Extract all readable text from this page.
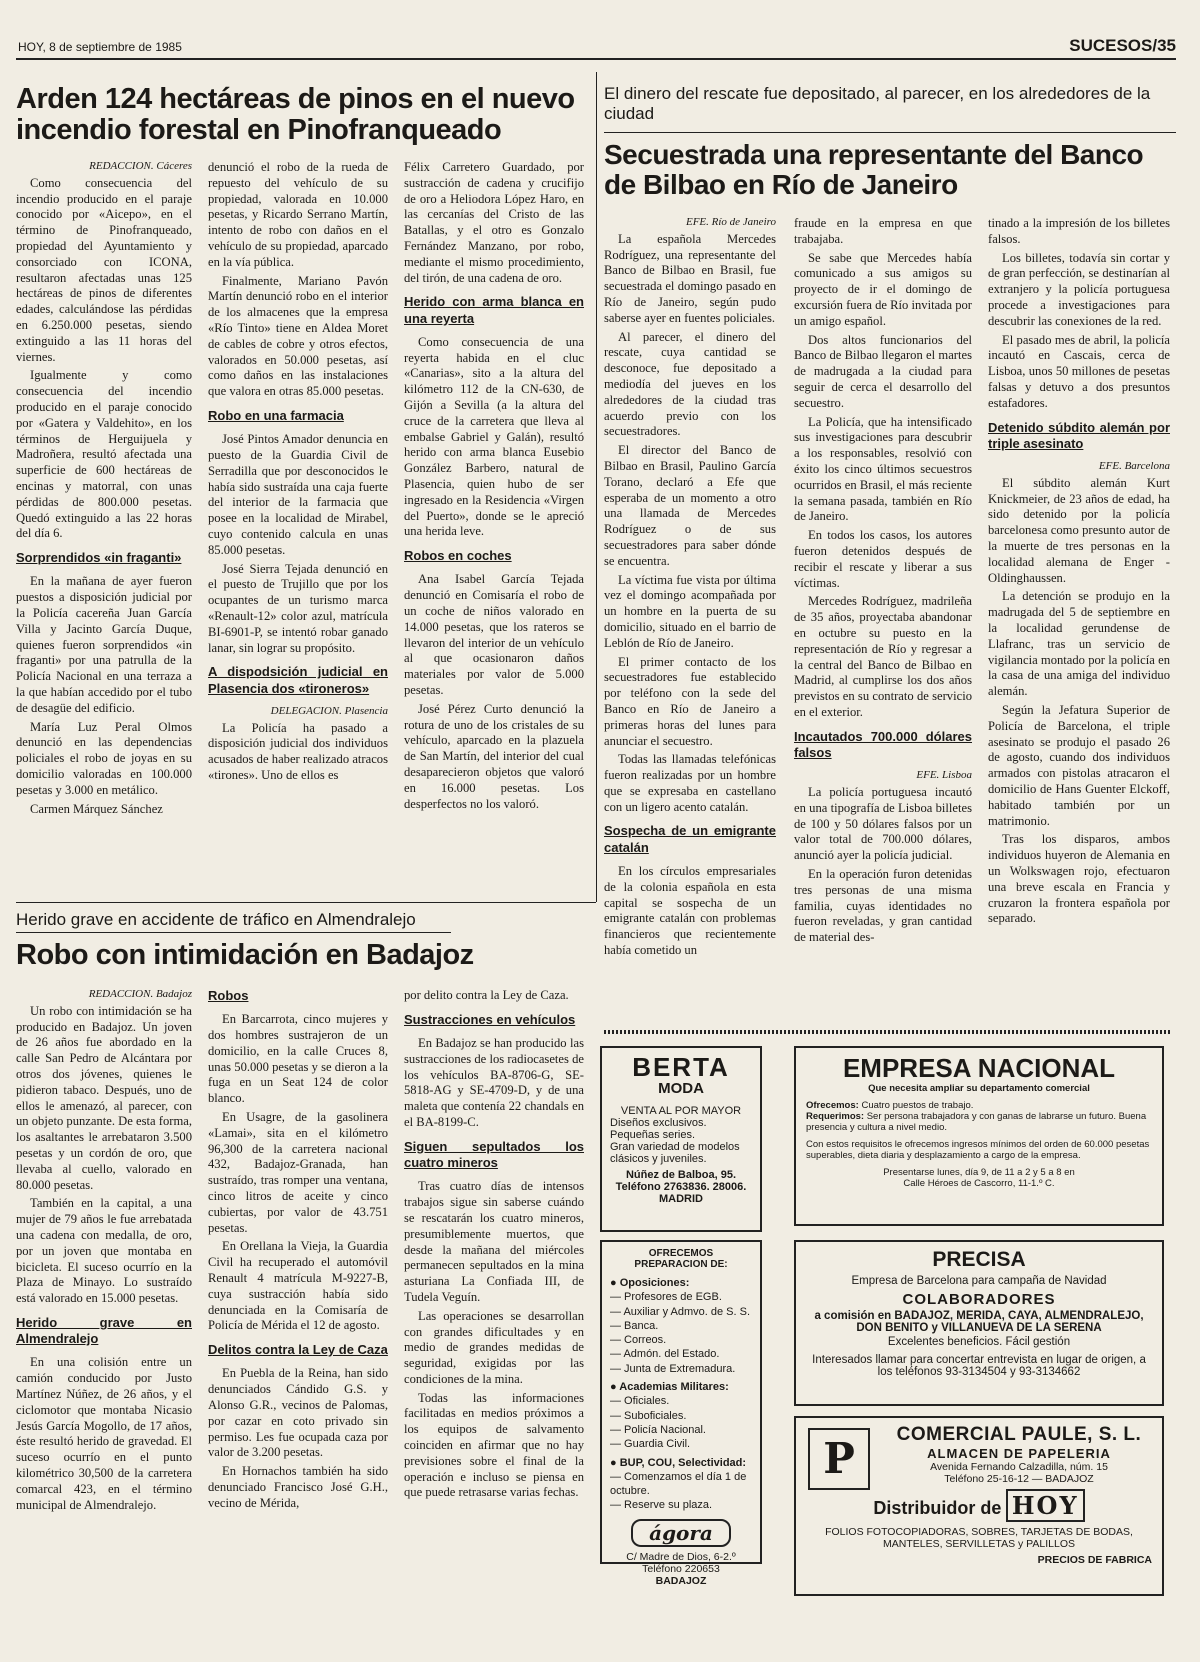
HOY, 8 de septiembre de 1985	SUCESOS/35
Arden 124 hectáreas de pinos en el nuevo incendio forestal en Pinofranqueado

REDACCION. Cáceres

Como consecuencia del incendio producido en el paraje conocido por «Aicepo», en el término de Pinofranqueado, propiedad del Ayuntamiento y consorciado con ICONA, resultaron afectadas unas 125 hectáreas de pinos de diferentes edades, calculándose las pérdidas en 6.250.000 pesetas, siendo extinguido a las 11 horas del viernes.

Igualmente y como consecuencia del incendio producido en el paraje conocido por «Gatera y Valdehito», en los términos de Herguijuela y Madroñera, resultó afectada una superficie de 600 hectáreas de encinas y matorral, con unas pérdidas de 800.000 pesetas. Quedó extinguido a las 22 horas del día 6.

Sorprendidos «in fraganti»

En la mañana de ayer fueron puestos a disposición judicial por la Policía cacereña Juan García Villa y Jacinto García Duque, quienes fueron sorprendidos «in fraganti» por una patrulla de la Policía Nacional en una terraza a la que habían accedido por el tubo de desagüe del edificio.

María Luz Peral Olmos denunció en las dependencias policiales el robo de joyas en su domicilio valoradas en 100.000 pesetas y 3.000 en metálico.

Carmen Márquez Sánchez

denunció el robo de la rueda de repuesto del vehículo de su propiedad, valorada en 10.000 pesetas, y Ricardo Serrano Martín, intento de robo con daños en el vehículo de su propiedad, aparcado en la vía pública.

Finalmente, Mariano Pavón Martín denunció robo en el interior de los almacenes que la empresa «Río Tinto» tiene en Aldea Moret de cables de cobre y otros efectos, valorados en 50.000 pesetas, así como daños en las instalaciones que valora en otras 85.000 pesetas.

Robo en una farmacia

José Pintos Amador denuncia en puesto de la Guardia Civil de Serradilla que por desconocidos le había sido sustraída una caja fuerte del interior de la farmacia que posee en la localidad de Mirabel, cuyo contenido calcula en unas 85.000 pesetas.

José Sierra Tejada denunció en el puesto de Trujillo que por los ocupantes de un turismo marca «Renault-12» color azul, matrícula BI-6901-P, se intentó robar ganado lanar, sin lograr su propósito.

A dispodsición judicial en Plasencia dos «tironeros»

DELEGACION. Plasencia

La Policía ha pasado a disposición judicial dos individuos acusados de haber realizado atracos «tirones». Uno de ellos es

Félix Carretero Guardado, por sustracción de cadena y crucifijo de oro a Heliodora López Haro, en las cercanías del Cristo de las Batallas, y el otro es Gonzalo Fernández Manzano, por robo, mediante el mismo procedimiento, del tirón, de una cadena de oro.

Herido con arma blanca en una reyerta

Como consecuencia de una reyerta habida en el cluc «Canarias», sito a la altura del kilómetro 112 de la CN-630, de Gijón a Sevilla (a la altura del cruce de la carretera que lleva al embalse Gabriel y Galán), resultó herido con arma blanca Eusebio González Barbero, natural de Plasencia, quien hubo de ser ingresado en la Residencia «Virgen del Puerto», donde se le apreció una herida leve.

Robos en coches

Ana Isabel García Tejada denunció en Comisaría el robo de un coche de niños valorado en 14.000 pesetas, que los rateros se llevaron del interior de un vehículo al que ocasionaron daños materiales por valor de 5.000 pesetas.

José Pérez Curto denunció la rotura de uno de los cristales de su vehículo, aparcado en la plazuela de San Martín, del interior del cual desaparecieron objetos que valoró en 16.000 pesetas. Los desperfectos no los valoró.

El dinero del rescate fue depositado, al parecer, en los alrededores de la ciudad
Secuestrada una representante del Banco de Bilbao en Río de Janeiro

EFE. Río de Janeiro

La española Mercedes Rodríguez, una representante del Banco de Bilbao en Brasil, fue secuestrada el domingo pasado en Río de Janeiro, según pudo saberse ayer en fuentes policiales.

Al parecer, el dinero del rescate, cuya cantidad se desconoce, fue depositado a mediodía del jueves en los alrededores de la ciudad tras acuerdo previo con los secuestradores.

El director del Banco de Bilbao en Brasil, Paulino García Torano, declaró a Efe que esperaba de un momento a otro una llamada de Mercedes Rodríguez o de sus secuestradores para saber dónde se encuentra.

La víctima fue vista por última vez el domingo acompañada por un hombre en la puerta de su domicilio, situado en el barrio de Leblón de Río de Janeiro.

El primer contacto de los secuestradores fue establecido por teléfono con la sede del Banco en Río de Janeiro a primeras horas del lunes para anunciar el secuestro.

Todas las llamadas telefónicas fueron realizadas por un hombre que se expresaba en castellano con un ligero acento catalán.

Sospecha de un emigrante catalán

En los círculos empresariales de la colonia española en esta capital se sospecha de un emigrante catalán con problemas financieros que recientemente había cometido un

fraude en la empresa en que trabajaba.

Se sabe que Mercedes había comunicado a sus amigos su proyecto de ir el domingo de excursión fuera de Río invitada por un amigo español.

Dos altos funcionarios del Banco de Bilbao llegaron el martes de madrugada a la ciudad para seguir de cerca el desarrollo del secuestro.

La Policía, que ha intensificado sus investigaciones para descubrir a los responsables, resolvió con éxito los cinco últimos secuestros ocurridos en Brasil, el más reciente la semana pasada, también en Río de Janeiro.

En todos los casos, los autores fueron detenidos después de recibir el rescate y liberar a sus víctimas.

Mercedes Rodríguez, madrileña de 35 años, proyectaba abandonar en octubre su puesto en la representación de Río y regresar a la central del Banco de Bilbao en Madrid, al cumplirse los dos años previstos en su contrato de servicio en el exterior.

Incautados 700.000 dólares falsos

EFE. Lisboa

La policía portuguesa incautó en una tipografía de Lisboa billetes de 100 y 50 dólares falsos por un valor total de 700.000 dólares, anunció ayer la policía judicial.

En la operación furon detenidas tres personas de una misma familia, cuyas identidades no fueron reveladas, y gran cantidad de material des-

tinado a la impresión de los billetes falsos.

Los billetes, todavía sin cortar y de gran perfección, se destinarían al extranjero y la policía portuguesa procede a investigaciones para descubrir las conexiones de la red.

El pasado mes de abril, la policía incautó en Cascais, cerca de Lisboa, unos 50 millones de pesetas falsas y detuvo a dos presuntos estafadores.

Detenido súbdito alemán por triple asesinato

EFE. Barcelona

El súbdito alemán Kurt Knickmeier, de 23 años de edad, ha sido detenido por la policía barcelonesa como presunto autor de la muerte de tres personas en la localidad alemana de Enger - Oldinghaussen.

La detención se produjo en la madrugada del 5 de septiembre en la localidad gerundense de Llafranc, tras un servicio de vigilancia montado por la policía en la casa de una amiga del individuo alemán.

Según la Jefatura Superior de Policía de Barcelona, el triple asesinato se produjo el pasado 26 de agosto, cuando dos individuos armados con pistolas atracaron el domicilio de Hans Guenter Elckoff, habitado también por un matrimonio.

Tras los disparos, ambos individuos huyeron de Alemania en un Wolkswagen rojo, efectuaron una breve escala en Francia y cruzaron la frontera española por separado.

Herido grave en accidente de tráfico en Almendralejo
Robo con intimidación en Badajoz

REDACCION. Badajoz

Un robo con intimidación se ha producido en Badajoz. Un joven de 26 años fue abordado en la calle San Pedro de Alcántara por otros dos jóvenes, quienes le pidieron tabaco. Después, uno de ellos le amenazó, al parecer, con un objeto punzante. De esta forma, los asaltantes le arrebataron 3.500 pesetas y un cordón de oro, que llevaba al cuello, valorado en 80.000 pesetas.

También en la capital, a una mujer de 79 años le fue arrebatada una cadena con medalla, de oro, por un joven que montaba en bicicleta. El suceso ocurrío en la Plaza de Minayo. Lo sustraído está valorado en 15.000 pesetas.

Herido grave en Almendralejo

En una colisión entre un camión conducido por Justo Martínez Núñez, de 26 años, y el ciclomotor que montaba Nicasio Jesús García Mogollo, de 17 años, éste resultó herido de gravedad. El suceso ocurrío en el punto kilométrico 30,500 de la carretera comarcal 423, en el término municipal de Almendralejo.

Robos

En Barcarrota, cinco mujeres y dos hombres sustrajeron de un domicilio, en la calle Cruces 8, unas 50.000 pesetas y se dieron a la fuga en un Seat 124 de color blanco.

En Usagre, de la gasolinera «Lamai», sita en el kilómetro 96,300 de la carretera nacional 432, Badajoz-Granada, han sustraído, tras romper una ventana, cinco litros de aceite y cinco cubiertas, por valor de 43.751 pesetas.

En Orellana la Vieja, la Guardia Civil ha recuperado el automóvil Renault 4 matrícula M-9227-B, cuya sustracción había sido denunciada en la Comisaría de Policía de Mérida el 12 de agosto.

Delitos contra la Ley de Caza

En Puebla de la Reina, han sido denunciados Cándido G.S. y Alonso G.R., vecinos de Palomas, por cazar en coto privado sin permiso. Les fue ocupada caza por valor de 3.200 pesetas.

En Hornachos también ha sido denunciado Francisco José G.H., vecino de Mérida,

por delito contra la Ley de Caza.

Sustracciones en vehículos

En Badajoz se han producido las sustracciones de los radiocasetes de los vehículos BA-8706-G, SE-5818-AG y SE-4709-D, y de una maleta que contenía 22 chandals en el BA-8199-C.

Siguen sepultados los cuatro mineros

Tras cuatro días de intensos trabajos sigue sin saberse cuándo se rescatarán los cuatro mineros, presumiblemente muertos, que desde la mañana del miércoles permanecen sepultados en la mina asturiana La Confiada III, de Tudela Veguín.

Las operaciones se desarrollan con grandes dificultades y en medio de grandes medidas de seguridad, exigidas por las condiciones de la mina.

Todas las informaciones facilitadas en medios próximos a los equipos de salvamento coinciden en afirmar que no hay previsiones sobre el final de la operación e incluso se piensa en que puede retrasarse varias fechas.

BERTA
MODA
VENTA AL POR MAYOR
Diseños exclusivos.
Pequeñas series.
Gran variedad de modelos clásicos y juveniles.
Núñez de Balboa, 95.
Teléfono 2763836. 28006.
MADRID
OFRECEMOS PREPARACION DE:
● Oposiciones:
— Profesores de EGB.
— Auxiliar y Admvo. de S. S.
— Banca.
— Correos.
— Admón. del Estado.
— Junta de Extremadura.
● Academias Militares:
— Oficiales.
— Suboficiales.
— Policía Nacional.
— Guardia Civil.
● BUP, COU, Selectividad:
— Comenzamos el día 1 de octubre.
— Reserve su plaza.
ágora
C/ Madre de Dios, 6-2.º
Teléfono 220653
BADAJOZ
EMPRESA NACIONAL
Que necesita ampliar su departamento comercial
Ofrecemos: Cuatro puestos de trabajo.
Requerimos: Ser persona trabajadora y con ganas de labrarse un futuro. Buena presencia y cultura a nivel medio.
Con estos requisitos le ofrecemos ingresos mínimos del orden de 60.000 pesetas superables, dieta diaria y desplazamiento a cargo de la empresa.
Presentarse lunes, día 9, de 11 a 2 y 5 a 8 en
Calle Héroes de Cascorro, 11-1.º C.
PRECISA
Empresa de Barcelona para campaña de Navidad
COLABORADORES
a comisión en BADAJOZ, MERIDA, CAYA, ALMENDRALEJO, DON BENITO y VILLANUEVA DE LA SERENA
Excelentes beneficios. Fácil gestión
Interesados llamar para concertar entrevista en lugar de origen, a los teléfonos 93-3134504 y 93-3134662
P	COMERCIAL PAULE, S. L.
ALMACEN DE PAPELERIA
Avenida Fernando Calzadilla, núm. 15
Teléfono 25-16-12 — BADAJOZ
Distribuidor de HOY
FOLIOS FOTOCOPIADORAS, SOBRES, TARJETAS DE BODAS, MANTELES, SERVILLETAS y PALILLOS
PRECIOS DE FABRICA
